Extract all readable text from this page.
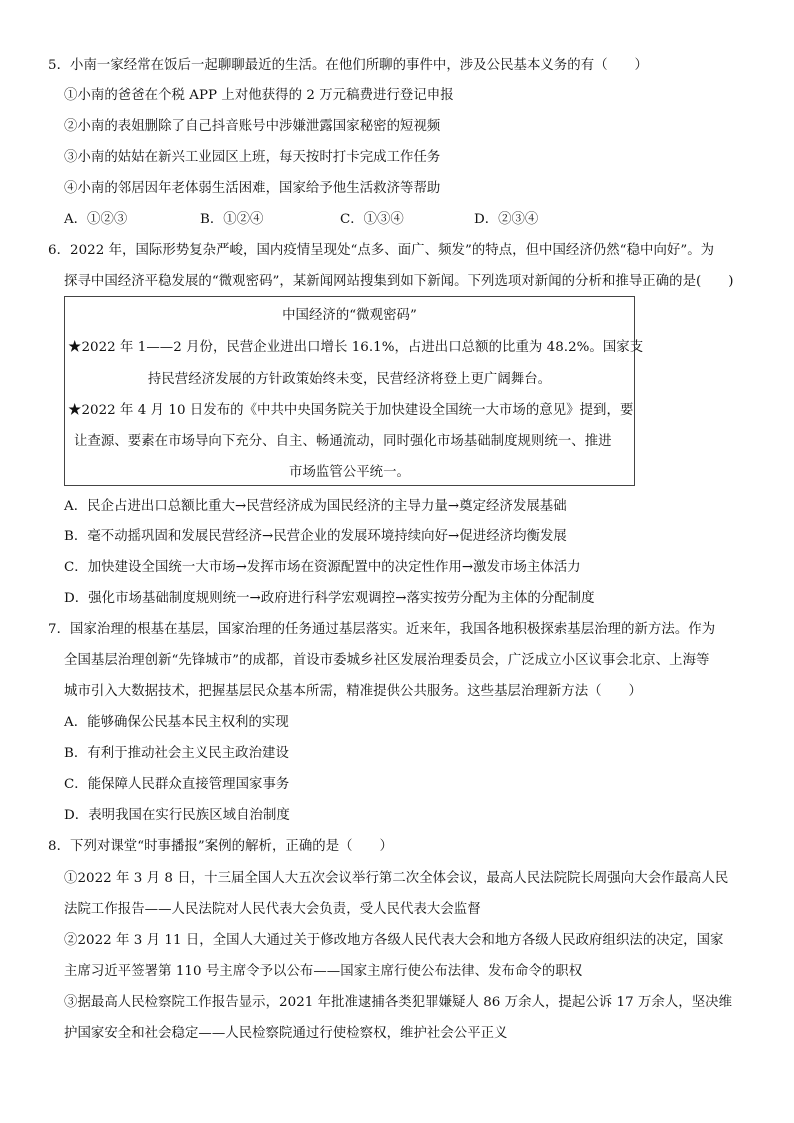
5．小南一家经常在饭后一起聊聊最近的生活。在他们所聊的事件中，涉及公民基本义务的有（　　）
①小南的爸爸在个税 APP 上对他获得的 2 万元稿费进行登记申报
②小南的表姐删除了自己抖音账号中涉嫌泄露国家秘密的短视频
③小南的姑姑在新兴工业园区上班，每天按时打卡完成工作任务
④小南的邻居因年老体弱生活困难，国家给予他生活救济等帮助
A．①②③	B．①②④	C．①③④	D．②③④
6．2022 年，国际形势复杂严峻，国内疫情呈现处“点多、面广、频发”的特点，但中国经济仍然“稳中向好”。为
探寻中国经济平稳发展的“微观密码”，某新闻网站搜集到如下新闻。下列选项对新闻的分析和推导正确的是(　　)
中国经济的“微观密码”
★2022 年 1——2 月份，民营企业进出口增长 16.1%，占进出口总额的比重为 48.2%。国家支
持民营经济发展的方针政策始终未变，民营经济将登上更广阔舞台。
★2022 年 4 月 10 日发布的《中共中央国务院关于加快建设全国统一大市场的意见》提到，要
让查源、要素在市场导向下充分、自主、畅通流动，同时强化市场基础制度规则统一、推进
市场监管公平统一。
A．民企占进出口总额比重大→民营经济成为国民经济的主导力量→奠定经济发展基础
B．毫不动摇巩固和发展民营经济→民营企业的发展环境持续向好→促进经济均衡发展
C．加快建设全国统一大市场→发挥市场在资源配置中的决定性作用→激发市场主体活力
D．强化市场基础制度规则统一→政府进行科学宏观调控→落实按劳分配为主体的分配制度
7．国家治理的根基在基层，国家治理的任务通过基层落实。近来年，我国各地积极探索基层治理的新方法。作为
全国基层治理创新“先锋城市”的成都，首设市委城乡社区发展治理委员会，广泛成立小区议事会北京、上海等
城市引入大数据技术，把握基层民众基本所需，精准提供公共服务。这些基层治理新方法（　　）
A．能够确保公民基本民主权利的实现
B．有利于推动社会主义民主政治建设
C．能保障人民群众直接管理国家事务
D．表明我国在实行民族区域自治制度
8．下列对课堂“时事播报”案例的解析，正确的是（　　）
①2022 年 3 月 8 日，十三届全国人大五次会议举行第二次全体会议，最高人民法院院长周强向大会作最高人民
法院工作报告——人民法院对人民代表大会负责，受人民代表大会监督
②2022 年 3 月 11 日，全国人大通过关于修改地方各级人民代表大会和地方各级人民政府组织法的决定，国家
主席习近平签署第 110 号主席令予以公布——国家主席行使公布法律、发布命令的职权
③据最高人民检察院工作报告显示，2021 年批准逮捕各类犯罪嫌疑人 86 万余人，提起公诉 17 万余人，坚决维
护国家安全和社会稳定——人民检察院通过行使检察权，维护社会公平正义
